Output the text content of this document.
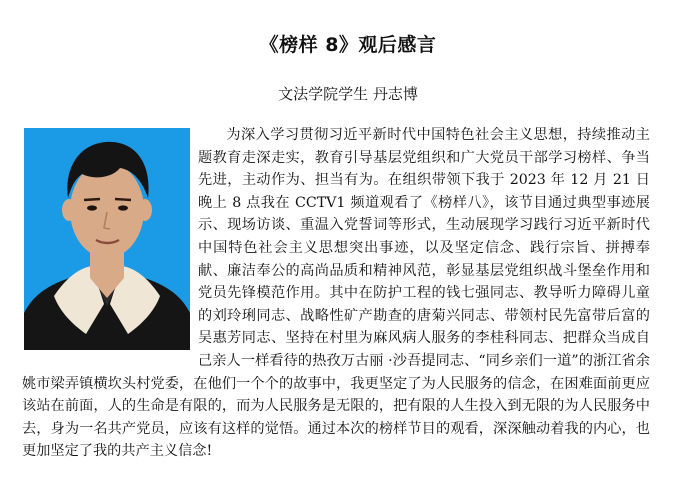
《榜样 8》观后感言
文法学院学生 丹志博

为深入学习贯彻习近平新时代中国特色社会主义思想，持续推动主题教育走深走实，教育引导基层党组织和广大党员干部学习榜样、争当先进，主动作为、担当有为。在组织带领下我于 2023 年 12 月 21 日晚上 8 点我在 CCTV1 频道观看了《榜样八》，该节目通过典型事迹展示、现场访谈、重温入党誓词等形式，生动展现学习践行习近平新时代中国特色社会主义思想突出事迹，以及坚定信念、践行宗旨、拼搏奉献、廉洁奉公的高尚品质和精神风范，彰显基层党组织战斗堡垒作用和党员先锋模范作用。其中在防护工程的钱七强同志、教导听力障碍儿童的刘玲琍同志、战略性矿产勘查的唐菊兴同志、带领村民先富带后富的吴惠芳同志、坚持在村里为麻风病人服务的李桂科同志、把群众当成自己亲人一样看待的热孜万古丽 ·沙吾提同志、“同乡亲们一道”的浙江省余姚市梁弄镇横坎头村党委，在他们一个个的故事中，我更坚定了为人民服务的信念，在困难面前更应该站在前面，人的生命是有限的，而为人民服务是无限的，把有限的人生投入到无限的为人民服务中去，身为一名共产党员，应该有这样的觉悟。通过本次的榜样节目的观看，深深触动着我的内心，也更加坚定了我的共产主义信念!
